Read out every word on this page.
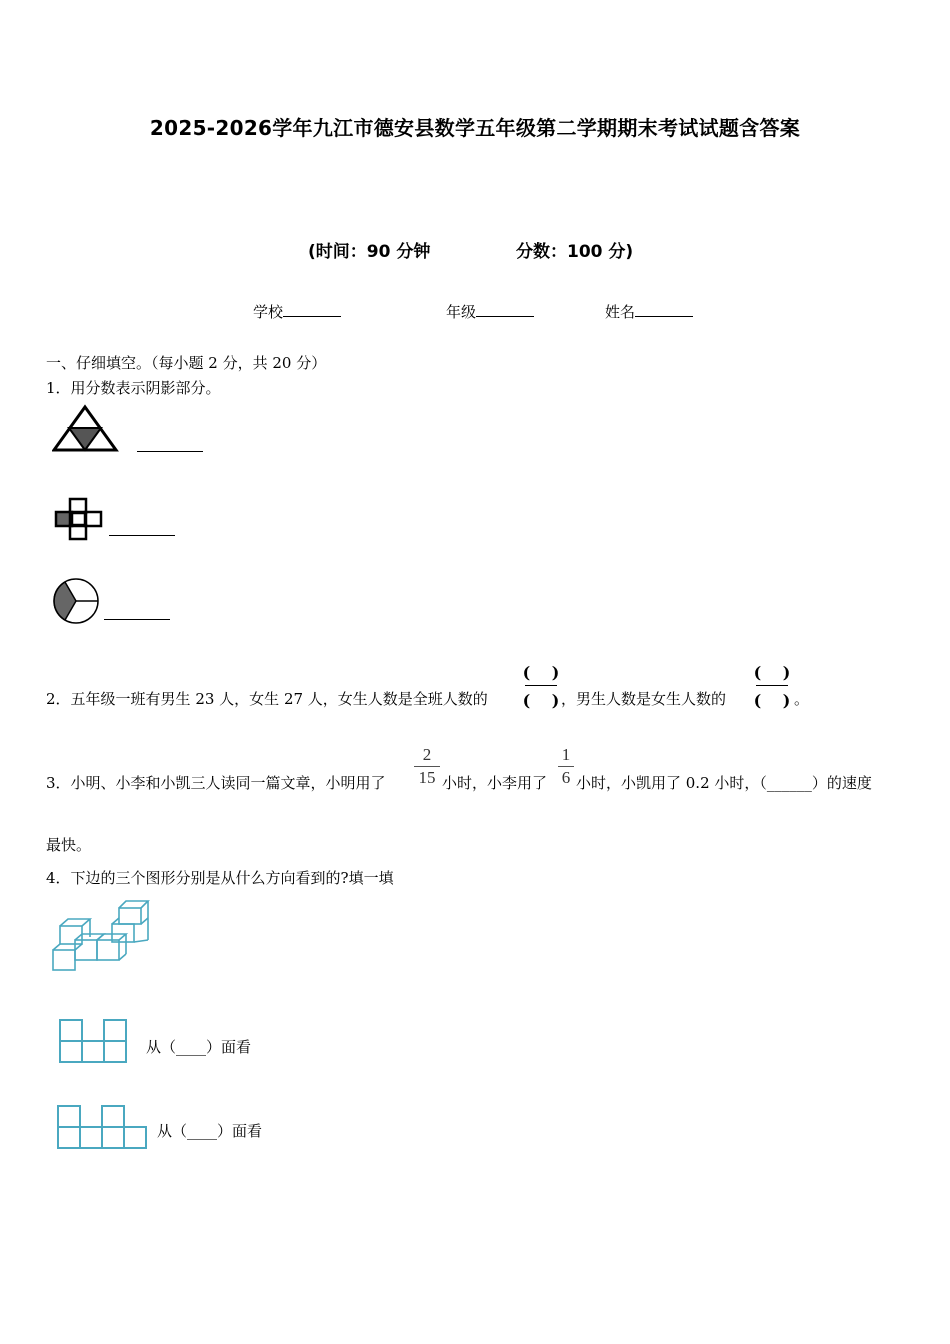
2025-2026学年九江市德安县数学五年级第二学期期末考试试题含答案
(时间：90 分钟	分数：100 分)
学校	年级	姓名
一、仔细填空。（每小题 2 分，共 20 分）
1．用分数表示阴影部分。
2．五年级一班有男生 23 人，女生 27 人，女生人数是全班人数的
(　 )
(　 ) ，男生人数是女生人数的
(　 )
(　 ) 。
3．小明、小李和小凯三人读同一篇文章，小明用了
2
15 小时，小李用了
1
6 小时，小凯用了 0.2 小时，（______）的速度
最快。
4．下边的三个图形分别是从什么方向看到的?填一填
从（____）面看
从（____）面看
